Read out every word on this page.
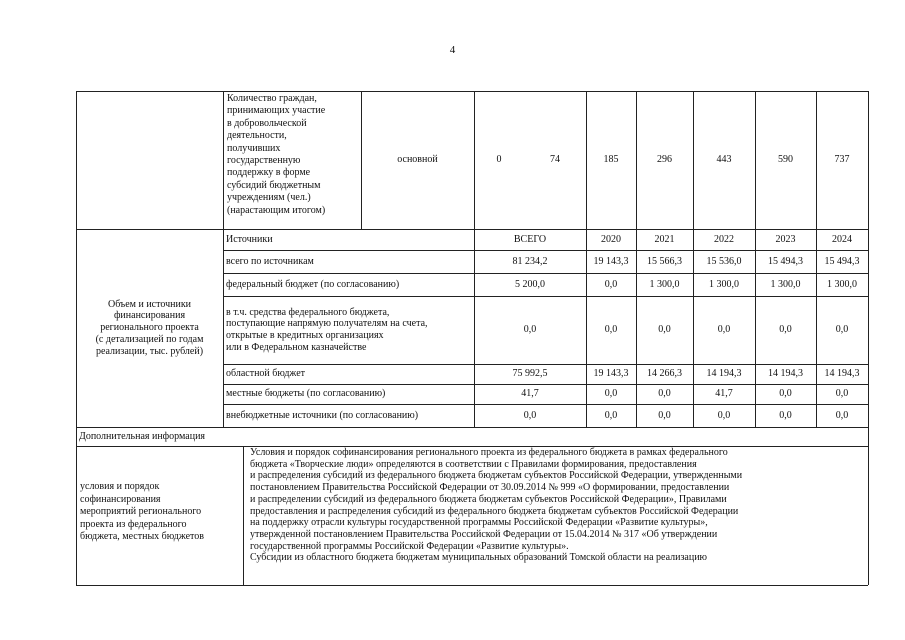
4
Количество граждан,
принимающих участие
в добровольческой
деятельности,
получивших
государственную
поддержку в форме
субсидий бюджетным
учреждениям (чел.)
(нарастающим итогом)
основной	0	74	185	296	443	590	737
Объем и источники
финансирования
регионального проекта
(с детализацией по годам
реализации, тыс. рублей)
Источники	ВСЕГО	2020	2021	2022	2023	2024
всего по источникам	81 234,2	19 143,3	15 566,3	15 536,0	15 494,3	15 494,3
федеральный бюджет (по согласованию)	5 200,0	0,0	1 300,0	1 300,0	1 300,0	1 300,0
в т.ч. средства федерального бюджета,
поступающие напрямую получателям на счета,
открытые в кредитных организациях
или в Федеральном казначействе
0,0	0,0	0,0	0,0	0,0	0,0
областной бюджет	75 992,5	19 143,3	14 266,3	14 194,3	14 194,3	14 194,3
местные бюджеты (по согласованию)	41,7	0,0	0,0	41,7	0,0	0,0
внебюджетные источники (по согласованию)	0,0	0,0	0,0	0,0	0,0	0,0
Дополнительная информация
условия и порядок
софинансирования
мероприятий регионального
проекта из федерального
бюджета, местных бюджетов
Условия и порядок софинансирования регионального проекта из федерального бюджета в рамках федерального
бюджета «Творческие люди» определяются в соответствии с Правилами формирования, предоставления
и распределения субсидий из федерального бюджета бюджетам субъектов Российской Федерации, утвержденными
постановлением Правительства Российской Федерации от 30.09.2014 № 999 «О формировании, предоставлении
и распределении субсидий из федерального бюджета бюджетам субъектов Российской Федерации», Правилами
предоставления и распределения субсидий из федерального бюджета бюджетам субъектов Российской Федерации
на поддержку отрасли культуры государственной программы Российской Федерации «Развитие культуры»,
утвержденной постановлением Правительства Российской Федерации от 15.04.2014 № 317 «Об утверждении
государственной программы Российской Федерации «Развитие культуры».
Субсидии из областного бюджета бюджетам муниципальных образований Томской области на реализацию
